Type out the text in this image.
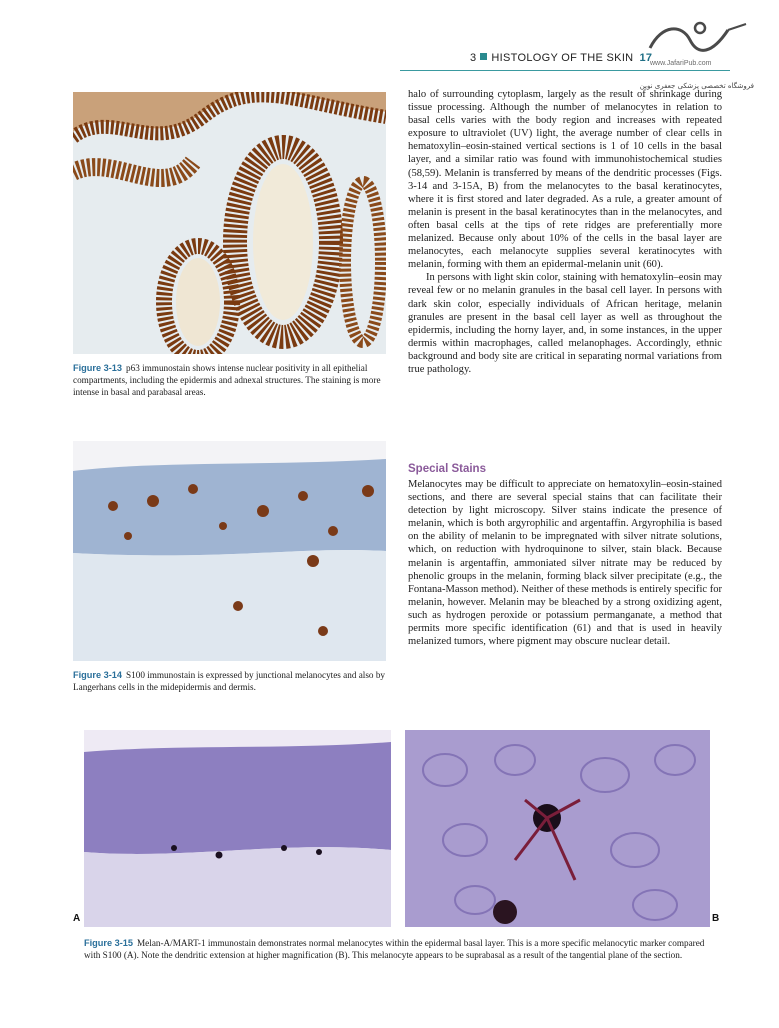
www.JafariPub.com
فروشگاه تخصصی پزشکی جعفری نوین
3 HISTOLOGY OF THE SKIN 17
Figure 3-13 p63 immunostain shows intense nuclear positivity in all epithelial compartments, including the epidermis and adnexal structures. The staining is more intense in basal and parabasal areas.
Figure 3-14 S100 immunostain is expressed by junctional melanocytes and also by Langerhans cells in the midepidermis and dermis.

halo of surrounding cytoplasm, largely as the result of shrinkage during tissue processing. Although the number of melanocytes in relation to basal cells varies with the body region and increases with repeated exposure to ultraviolet (UV) light, the average number of clear cells in hematoxylin–eosin-stained vertical sections is 1 of 10 cells in the basal layer, and a similar ratio was found with immunohistochemical studies (58,59). Melanin is transferred by means of the dendritic processes (Figs. 3-14 and 3-15A, B) from the melanocytes to the basal keratinocytes, where it is first stored and later degraded. As a rule, a greater amount of melanin is present in the basal keratinocytes than in the melanocytes, and often basal cells at the tips of rete ridges are preferentially more melanized. Because only about 10% of the cells in the basal layer are melanocytes, each melanocyte supplies several keratinocytes with melanin, forming with them an epidermal-melanin unit (60).

In persons with light skin color, staining with hematoxylin–eosin may reveal few or no melanin granules in the basal cell layer. In persons with dark skin color, especially individuals of African heritage, melanin granules are present in the basal cell layer as well as throughout the epidermis, including the horny layer, and, in some instances, in the upper dermis within macrophages, called melanophages. Accordingly, ethnic background and body site are critical in separating normal variations from true pathology.

Special Stains

Melanocytes may be difficult to appreciate on hematoxylin–eosin-stained sections, and there are several special stains that can facilitate their detection by light microscopy. Silver stains indicate the presence of melanin, which is both argyrophilic and argentaffin. Argyrophilia is based on the ability of melanin to be impregnated with silver nitrate solutions, which, on reduction with hydroquinone to silver, stain black. Because melanin is argentaffin, ammoniated silver nitrate may be reduced by phenolic groups in the melanin, forming black silver precipitate (e.g., the Fontana-Masson method). Neither of these methods is entirely specific for melanin, however. Melanin may be bleached by a strong oxidizing agent, such as hydrogen peroxide or potassium permanganate, a method that permits more specific identification (61) and that is used in heavily melanized tumors, where pigment may obscure nuclear detail.

A	B
Figure 3-15 Melan-A/MART-1 immunostain demonstrates normal melanocytes within the epidermal basal layer. This is a more specific melanocytic marker compared with S100 (A). Note the dendritic extension at higher magnification (B). This melanocyte appears to be suprabasal as a result of the tangential plane of the section.
